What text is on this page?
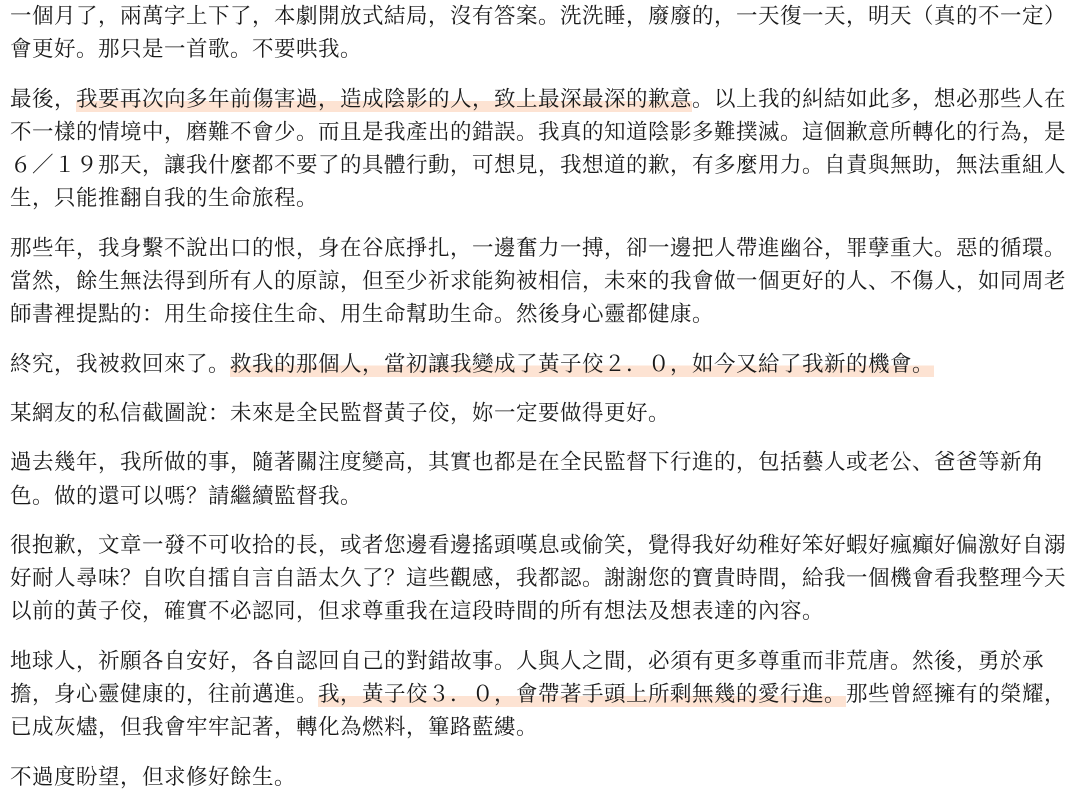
一個月了，兩萬字上下了，本劇開放式結局，沒有答案。洗洗睡，廢廢的，一天復一天，明天（真的不一定）會更好。那只是一首歌。不要哄我。

最後，我要再次向多年前傷害過，造成陰影的人，致上最深最深的歉意。以上我的糾結如此多，想必那些人在不一樣的情境中，磨難不會少。而且是我產出的錯誤。我真的知道陰影多難撲滅。這個歉意所轉化的行為，是６／１９那天，讓我什麼都不要了的具體行動，可想見，我想道的歉，有多麼用力。自責與無助，無法重組人生，只能推翻自我的生命旅程。

那些年，我身繫不說出口的恨，身在谷底掙扎，一邊奮力一搏，卻一邊把人帶進幽谷，罪孽重大。惡的循環。當然，餘生無法得到所有人的原諒，但至少祈求能夠被相信，未來的我會做一個更好的人、不傷人，如同周老師書裡提點的：用生命接住生命、用生命幫助生命。然後身心靈都健康。

終究，我被救回來了。救我的那個人，當初讓我變成了黃子佼２．０，如今又給了我新的機會。

某網友的私信截圖說：未來是全民監督黃子佼，妳一定要做得更好。

過去幾年，我所做的事，隨著關注度變高，其實也都是在全民監督下行進的，包括藝人或老公、爸爸等新角色。做的還可以嗎？請繼續監督我。

很抱歉，文章一發不可收拾的長，或者您邊看邊搖頭嘆息或偷笑，覺得我好幼稚好笨好蝦好瘋癲好偏激好自溺好耐人尋味？自吹自擂自言自語太久了？這些觀感，我都認。謝謝您的寶貴時間，給我一個機會看我整理今天以前的黃子佼，確實不必認同，但求尊重我在這段時間的所有想法及想表達的內容。

地球人，祈願各自安好，各自認回自己的對錯故事。人與人之間，必須有更多尊重而非荒唐。然後，勇於承擔，身心靈健康的，往前邁進。我，黃子佼３．０，會帶著手頭上所剩無幾的愛行進。那些曾經擁有的榮耀，已成灰燼，但我會牢牢記著，轉化為燃料，篳路藍縷。

不過度盼望，但求修好餘生。
